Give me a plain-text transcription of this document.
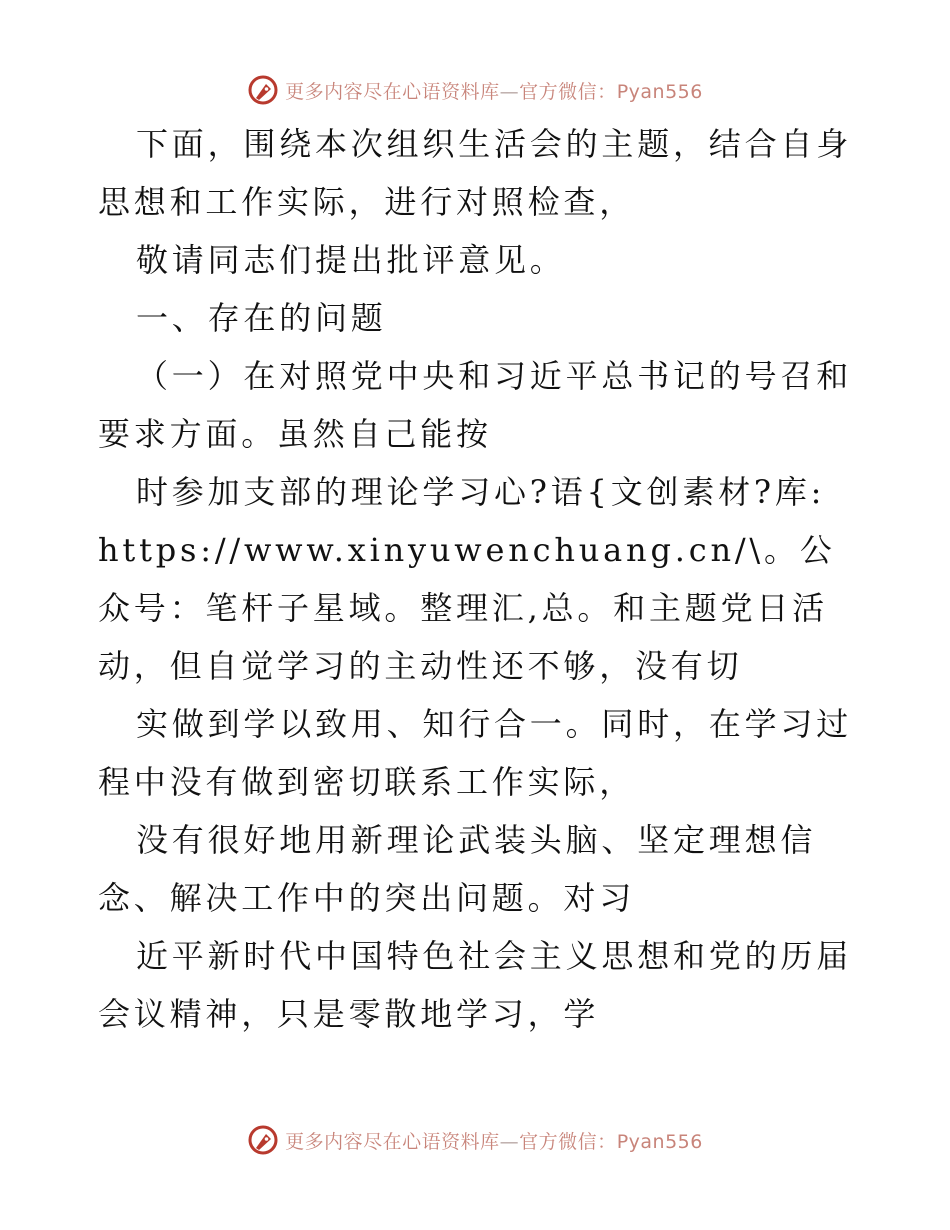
更多内容尽在心语资料库—官方微信：Pyan556

下面，围绕本次组织生活会的主题，结合自身思想和工作实际，进行对照检查，

敬请同志们提出批评意见。

一、存在的问题

（一）在对照党中央和习近平总书记的号召和要求方面。虽然自己能按

时参加支部的理论学习心?语{文创素材?库:

https://www.xinyuwenchuang.cn/\。公众号：笔杆子星域。整理汇,总。和主题党日活动，但自觉学习的主动性还不够，没有切

实做到学以致用、知行合一。同时，在学习过程中没有做到密切联系工作实际，

没有很好地用新理论武装头脑、坚定理想信念、解决工作中的突出问题。对习

近平新时代中国特色社会主义思想和党的历届会议精神，只是零散地学习，学

更多内容尽在心语资料库—官方微信：Pyan556
